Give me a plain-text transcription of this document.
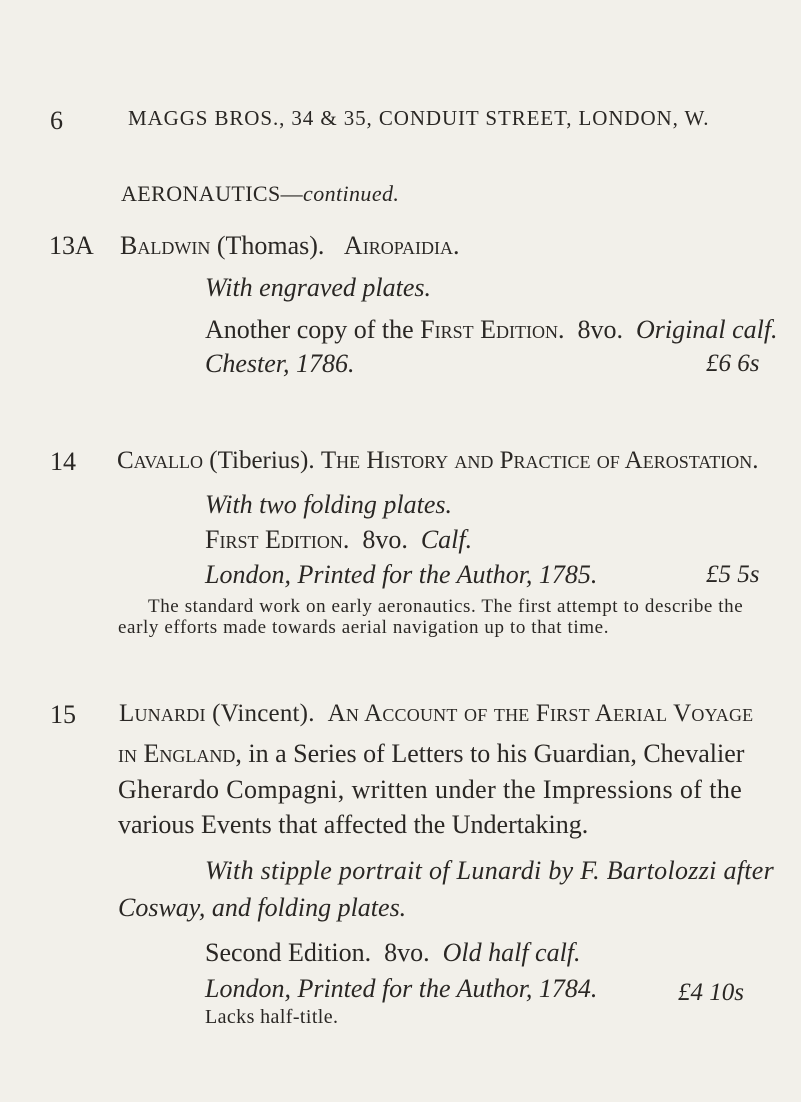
6	MAGGS BROS., 34 & 35, CONDUIT STREET, LONDON, W.
AERONAUTICS—continued.
13A Baldwin (Thomas). Airopaidia.
With engraved plates.
Another copy of the First Edition. 8vo. Original calf.
Chester, 1786.	£6 6s
14 Cavallo (Tiberius). The History and Practice of Aerostation.
With two folding plates.
First Edition. 8vo. Calf.
London, Printed for the Author, 1785.	£5 5s
The standard work on early aeronautics. The first attempt to describe the
early efforts made towards aerial navigation up to that time.
15 Lunardi (Vincent). An Account of the First Aerial Voyage
in England, in a Series of Letters to his Guardian, Chevalier
Gherardo Compagni, written under the Impressions of the
various Events that affected the Undertaking.
With stipple portrait of Lunardi by F. Bartolozzi after
Cosway, and folding plates.
Second Edition. 8vo. Old half calf.
London, Printed for the Author, 1784.	£4 10s
Lacks half-title.
